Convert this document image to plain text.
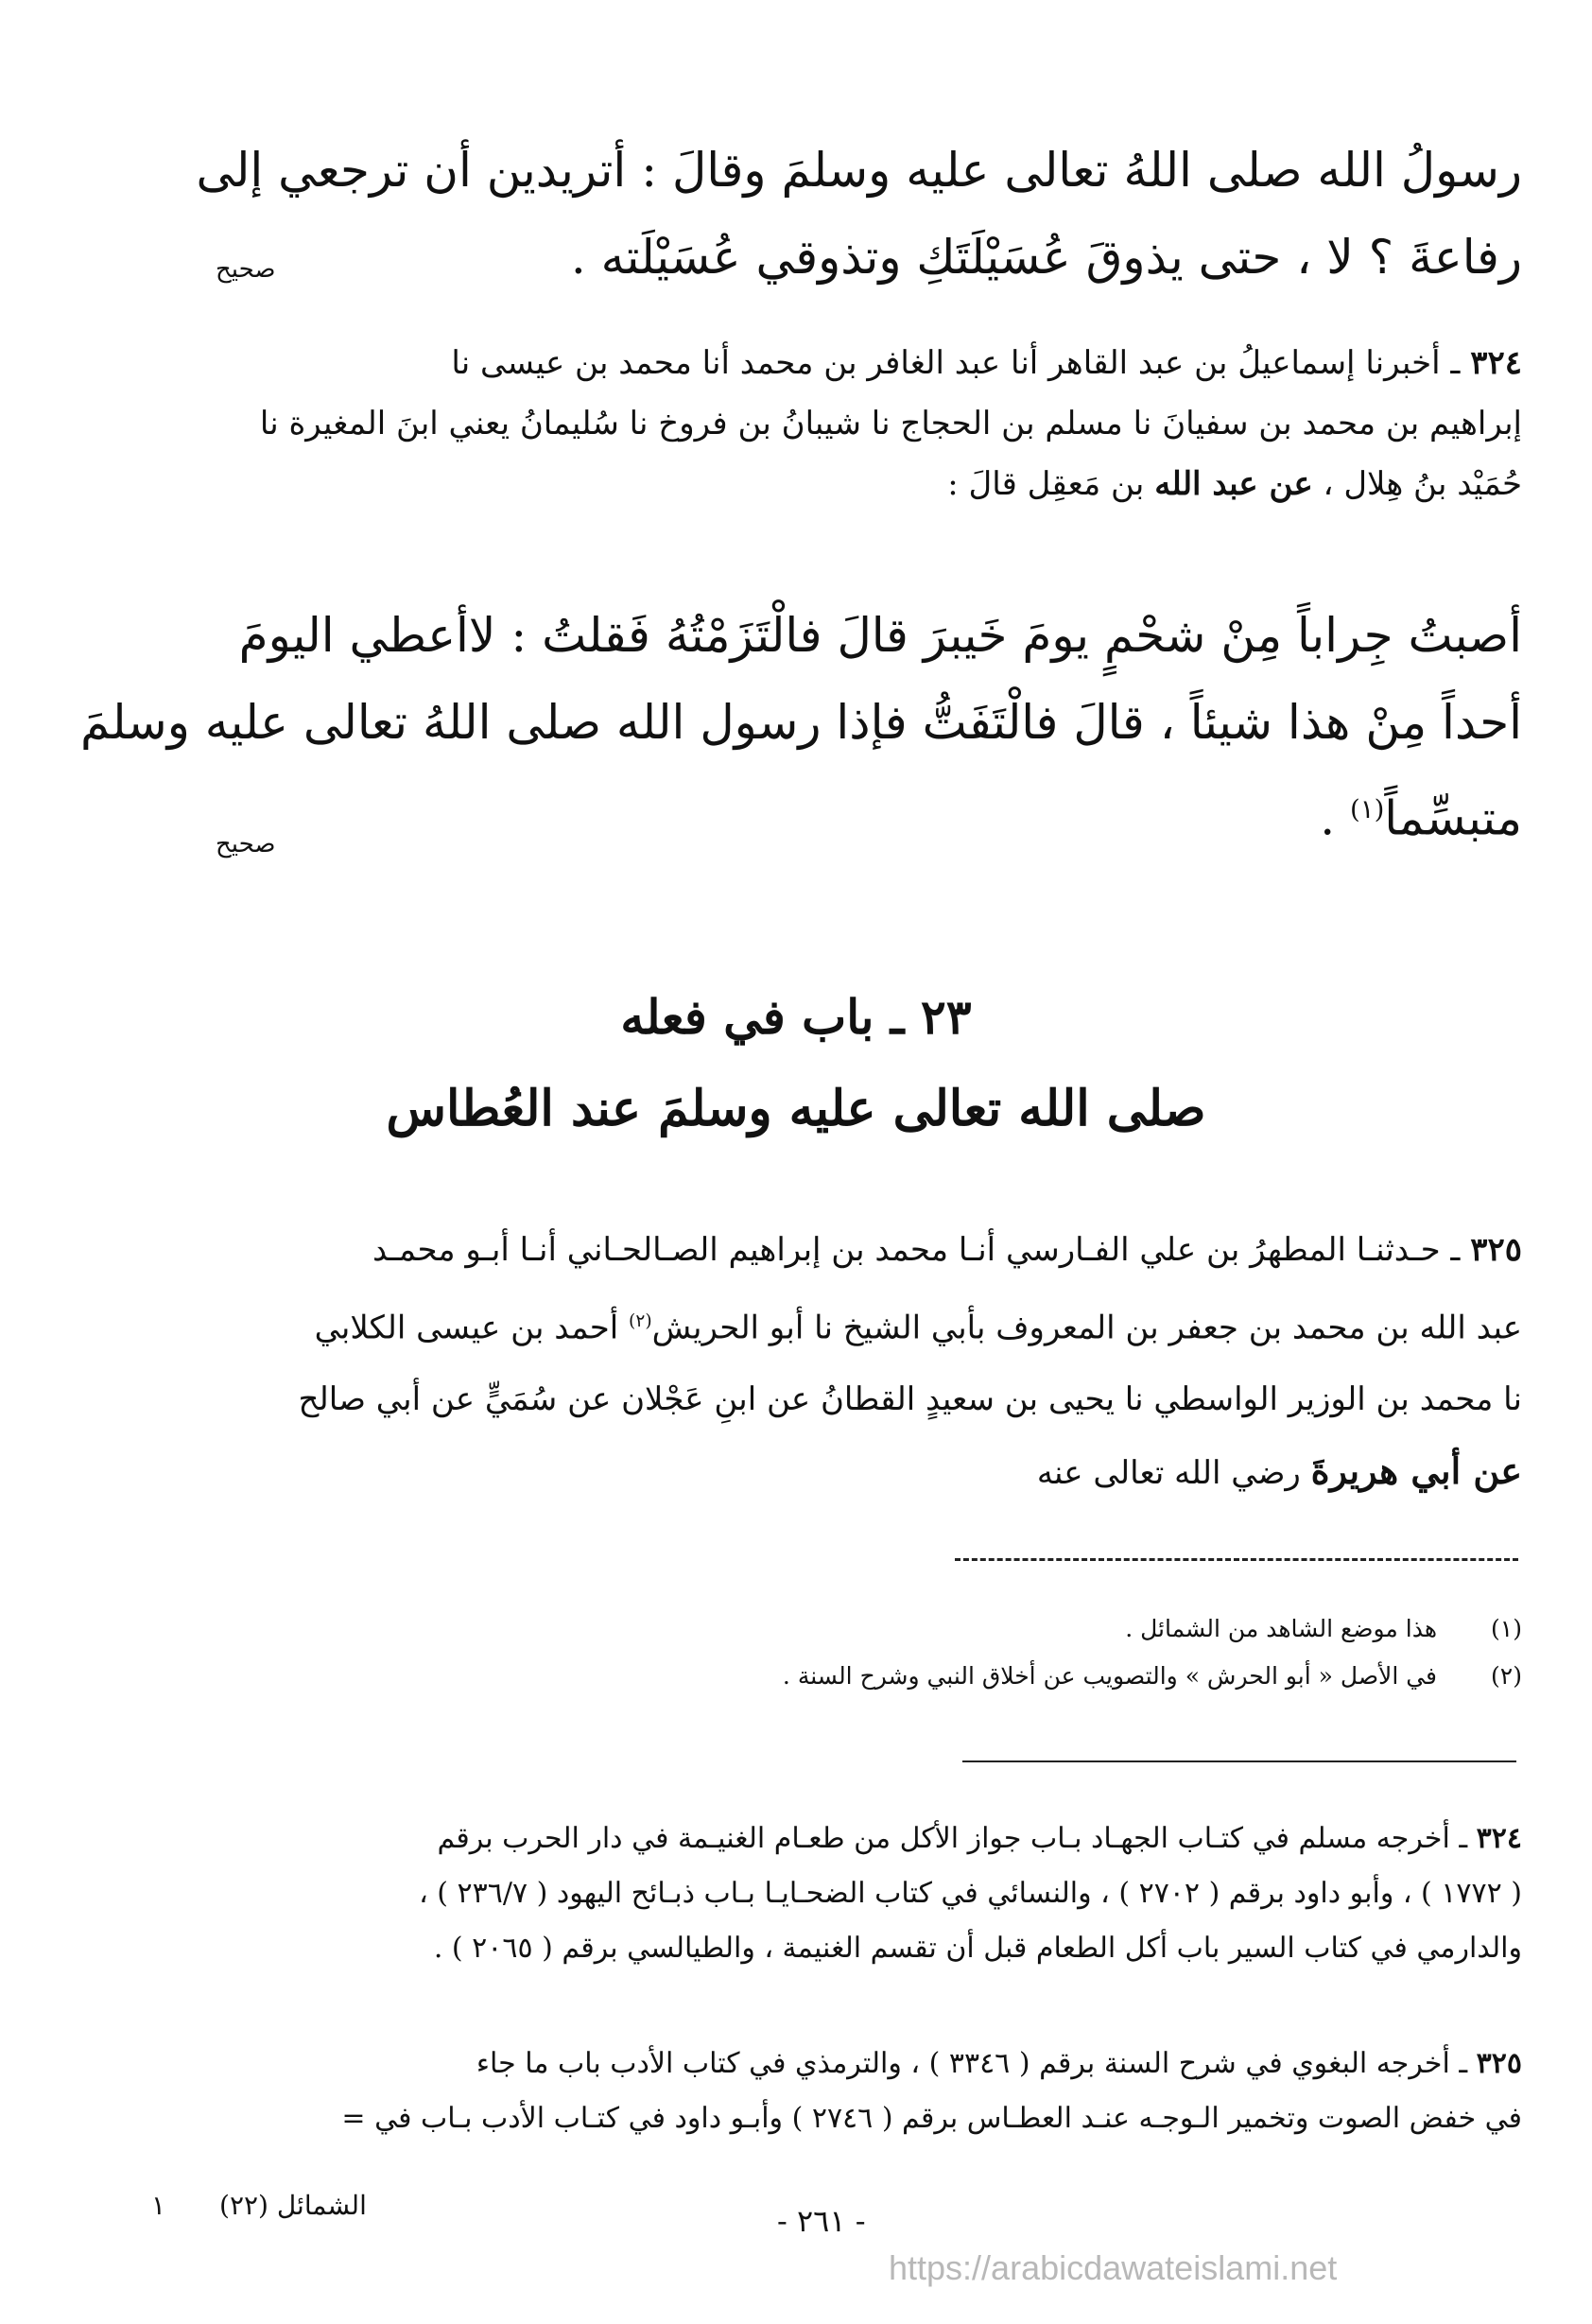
رسولُ الله صلى اللهُ تعالى عليه وسلمَ وقالَ : أتريدين أن ترجعي إلى
رفاعةَ ؟ لا ، حتى يذوقَ عُسَيْلَتَكِ وتذوقي عُسَيْلَته .
صحيح
٣٢٤ ـ أخبرنا إسماعيلُ بن عبد القاهر أنا عبد الغافر بن محمد أنا محمد بن عيسى نا
إبراهيم بن محمد بن سفيانَ نا مسلم بن الحجاج نا شيبانُ بن فروخ نا سُليمانُ يعني ابنَ المغيرة نا
حُمَيْد بنُ هِلال ، عن عبد الله بن مَعقِل قالَ :
أصبتُ جِراباً مِنْ شحْمٍ يومَ خَيبرَ قالَ فالْتَزَمْتُهُ فَقلتُ : لاأعطي اليومَ
أحداً مِنْ هذا شيئاً ، قالَ فالْتَفَتُّ فإذا رسول الله صلى اللهُ تعالى عليه وسلمَ
متبسِّماً$^{(١)}$ .
صحيح
٢٣ ـ باب في فعله
صلى الله تعالى عليه وسلمَ عند العُطاس
٣٢٥ ـ حـدثنـا المطهرُ بن علي الفـارسي أنـا محمد بن إبراهيم الصـالحـاني أنـا أبـو محمـد
عبد الله بن محمد بن جعفر بن المعروف بأبي الشيخ نا أبو الحريش$^{(٢)}$ أحمد بن عيسى الكلابي
نا محمد بن الوزير الواسطي نا يحيى بن سعيدٍ القطانُ عن ابنِ عَجْلان عن سُمَيٍّ عن أبي صالح
عن أبي هريرةَ رضي الله تعالى عنه
(١)هذا موضع الشاهد من الشمائل .
(٢)في الأصل « أبو الحرش » والتصويب عن أخلاق النبي وشرح السنة .
٣٢٤ ـ أخرجه مسلم في كتـاب الجهـاد بـاب جواز الأكل من طعـام الغنيـمة في دار الحرب برقم
( ١٧٧٢ ) ، وأبو داود برقم ( ٢٧٠٢ ) ، والنسائي في كتاب الضحـايـا بـاب ذبـائح اليهود ( ٢٣٦/٧ ) ،
والدارمي في كتاب السير باب أكل الطعام قبل أن تقسم الغنيمة ، والطيالسي برقم ( ٢٠٦٥ ) .
٣٢٥ ـ أخرجه البغوي في شرح السنة برقم ( ٣٣٤٦ ) ، والترمذي في كتاب الأدب باب ما جاء
في خفض الصوت وتخمير الـوجـه عنـد العطـاس برقم ( ٢٧٤٦ ) وأبـو داود في كتـاب الأدب بـاب في =
الشمائل (٢٢)
١	- ٢٦١ -
https://arabicdawateislami.net
